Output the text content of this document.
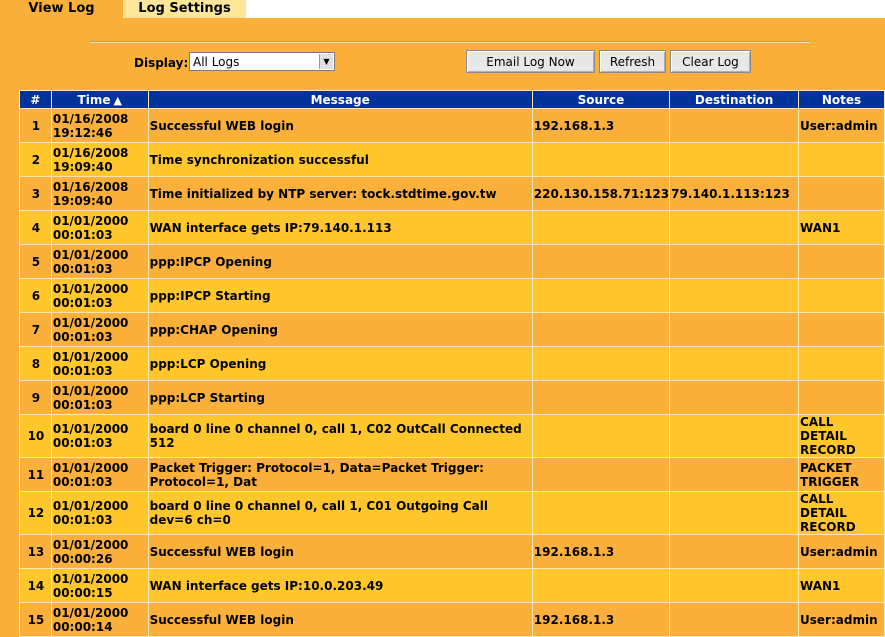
View Log	Log Settings
Display: All Logs	▼	Email Log Now	Refresh	Clear Log
#	Time ▲	Message	Source	Destination	Notes
1	01/16/2008
19:12:46	Successful WEB login	192.168.1.3		User:admin
2	01/16/2008
19:09:40	Time synchronization successful			
3	01/16/2008
19:09:40	Time initialized by NTP server: tock.stdtime.gov.tw	220.130.158.71:123	79.140.1.113:123	
4	01/01/2000
00:01:03	WAN interface gets IP:79.140.1.113			WAN1
5	01/01/2000
00:01:03	ppp:IPCP Opening			
6	01/01/2000
00:01:03	ppp:IPCP Starting			
7	01/01/2000
00:01:03	ppp:CHAP Opening			
8	01/01/2000
00:01:03	ppp:LCP Opening			
9	01/01/2000
00:01:03	ppp:LCP Starting			
10	01/01/2000
00:01:03	board 0 line 0 channel 0, call 1, C02 OutCall Connected 512			CALL DETAIL RECORD
11	01/01/2000
00:01:03	Packet Trigger: Protocol=1, Data=Packet Trigger: Protocol=1, Dat			PACKET TRIGGER
12	01/01/2000
00:01:03	board 0 line 0 channel 0, call 1, C01 Outgoing Call dev=6 ch=0			CALL DETAIL RECORD
13	01/01/2000
00:00:26	Successful WEB login	192.168.1.3		User:admin
14	01/01/2000
00:00:15	WAN interface gets IP:10.0.203.49			WAN1
15	01/01/2000
00:00:14	Successful WEB login	192.168.1.3		User:admin
